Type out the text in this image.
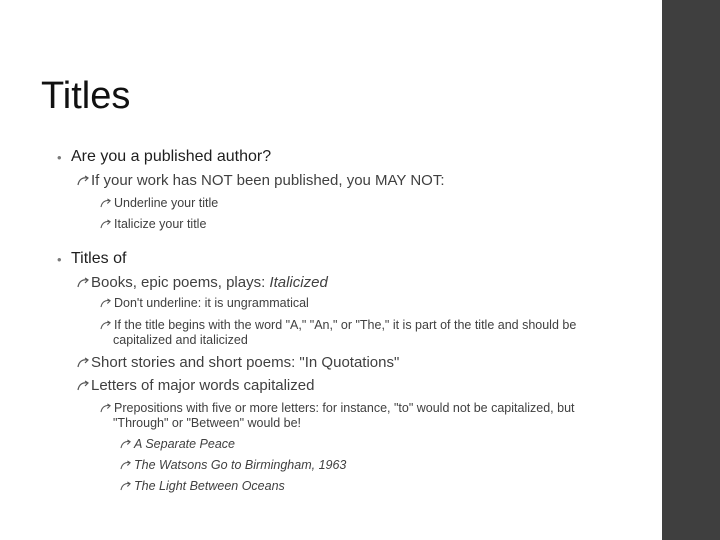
Titles
• Are you a published author?
If your work has NOT been published, you MAY NOT:
Underline your title
Italicize your title
• Titles of
Books, epic poems, plays: Italicized
Don't underline: it is ungrammatical
If the title begins with the word "A," "An," or "The," it is part of the title and should be
capitalized and italicized
Short stories and short poems: "In Quotations"
Letters of major words capitalized
Prepositions with five or more letters: for instance, "to" would not be capitalized, but
"Through" or "Between" would be!
A Separate Peace
The Watsons Go to Birmingham, 1963
The Light Between Oceans
